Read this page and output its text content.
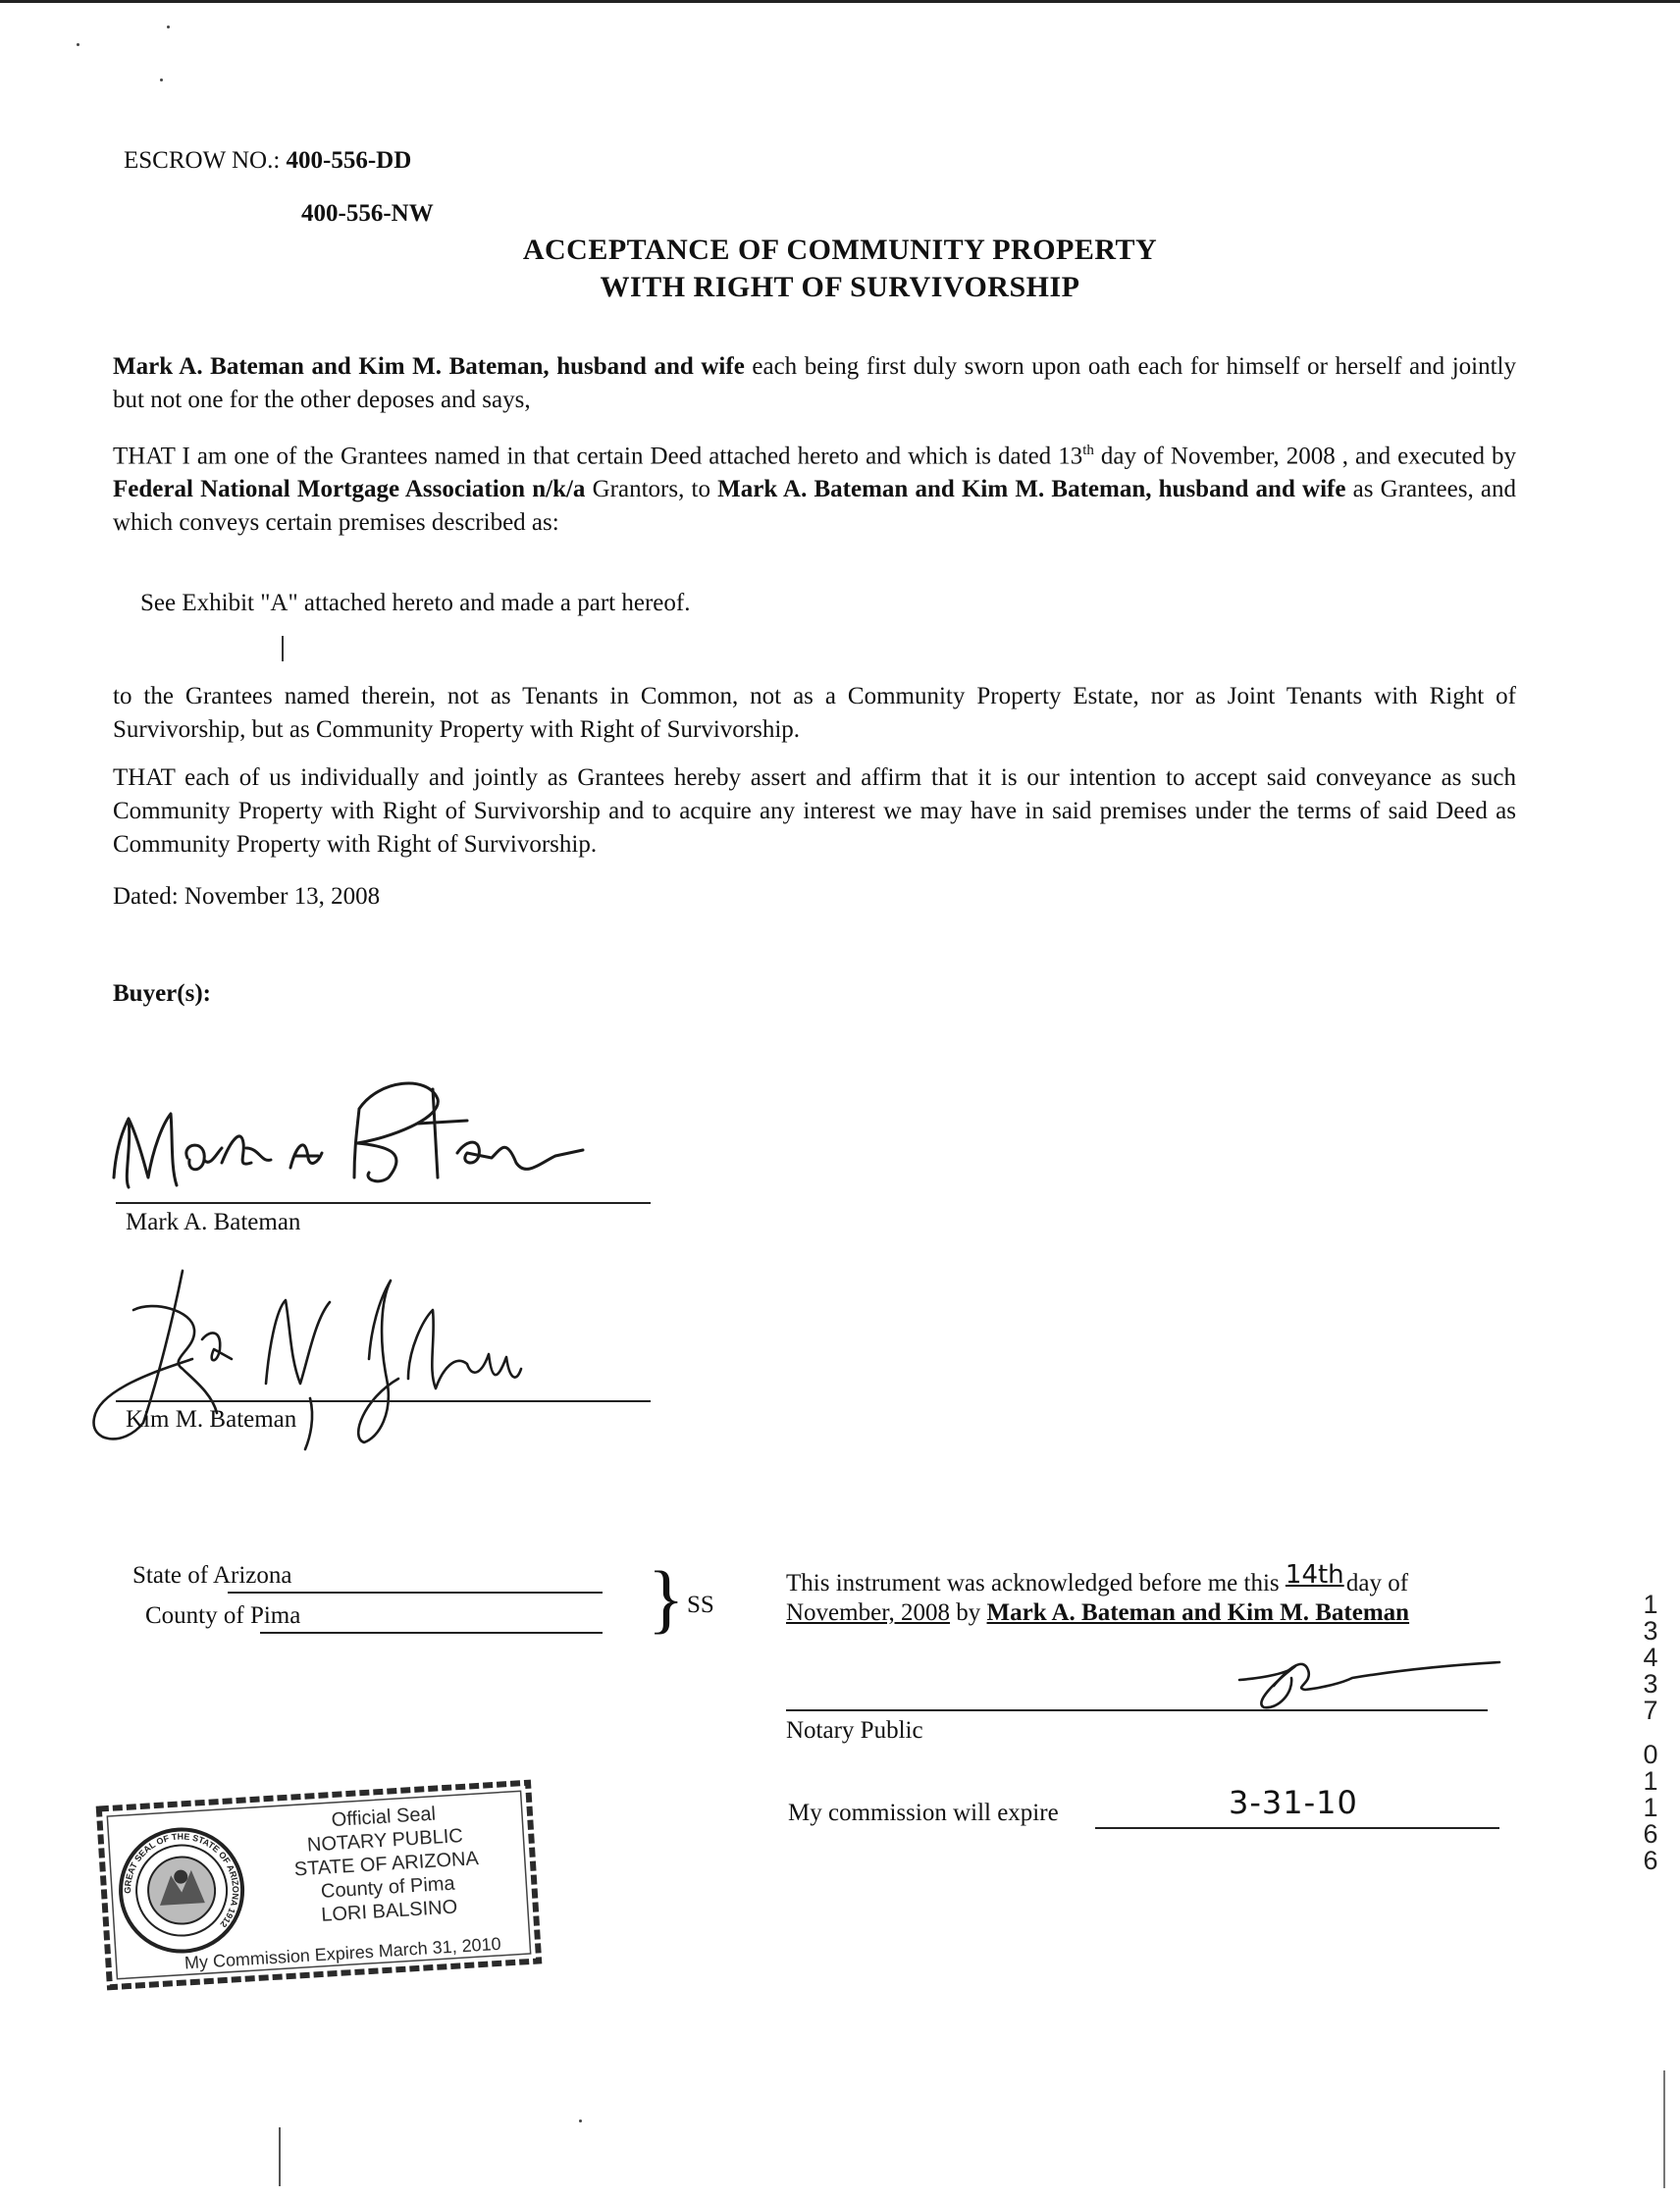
ESCROW NO.: 400-556-DD
400-556-NW
ACCEPTANCE OF COMMUNITY PROPERTY
WITH RIGHT OF SURVIVORSHIP
Mark A. Bateman and Kim M. Bateman, husband and wife each being first duly sworn upon oath each for himself or herself and jointly but not one for the other deposes and says,
THAT I am one of the Grantees named in that certain Deed attached hereto and which is dated 13th day of November, 2008 , and executed by Federal National Mortgage Association n/k/a Grantors, to Mark A. Bateman and Kim M. Bateman, husband and wife as Grantees, and which conveys certain premises described as:
See Exhibit "A" attached hereto and made a part hereof.
to the Grantees named therein, not as Tenants in Common, not as a Community Property Estate, nor as Joint Tenants with Right of Survivorship, but as Community Property with Right of Survivorship.
THAT each of us individually and jointly as Grantees hereby assert and affirm that it is our intention to accept said conveyance as such Community Property with Right of Survivorship and to acquire any interest we may have in said premises under the terms of said Deed as Community Property with Right of Survivorship.
Dated: November 13, 2008
Buyer(s):
Mark A. Bateman
Kim M. Bateman
State of Arizona
County of Pima	} SS
This instrument was acknowledged before me this 14thday of
November, 2008 by Mark A. Bateman and Kim M. Bateman
Notary Public
My commission will expire	3-31-10
GREAT SEAL OF THE STATE OF ARIZONA 1912
Official Seal
NOTARY PUBLIC
STATE OF ARIZONA
County of Pima
LORI BALSINO
My Commission Expires March 31, 2010
1
3
4
3
7
0
1
1
6
6
